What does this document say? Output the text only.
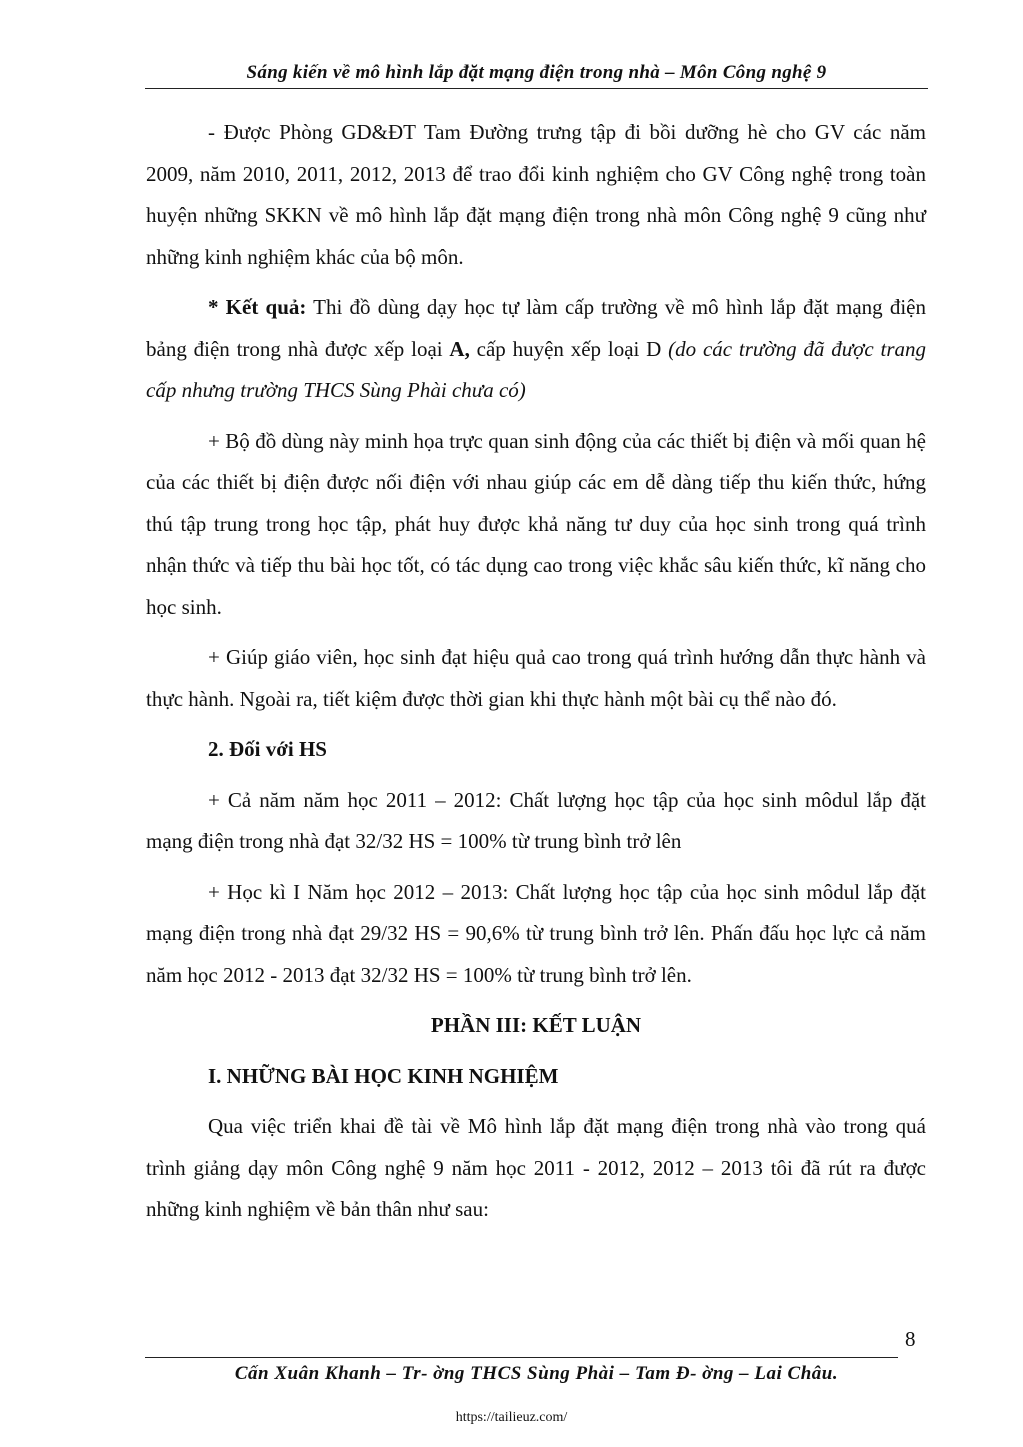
Sáng kiến về mô hình lắp đặt mạng điện trong nhà – Môn Công nghệ 9

- Được Phòng GD&ĐT Tam Đường trưng tập đi bồi dưỡng hè cho GV các năm 2009, năm 2010, 2011, 2012, 2013 để trao đổi kinh nghiệm cho GV Công nghệ trong toàn huyện những SKKN về mô hình lắp đặt mạng điện trong nhà môn Công nghệ 9 cũng như những kinh nghiệm khác của bộ môn.

* Kết quả: Thi đồ dùng dạy học tự làm cấp trường về mô hình lắp đặt mạng điện bảng điện trong nhà được xếp loại A, cấp huyện xếp loại D (do các trường đã được trang cấp nhưng trường THCS Sùng Phài chưa có)

+ Bộ đồ dùng này minh họa trực quan sinh động của các thiết bị điện và mối quan hệ của các thiết bị điện được nối điện với nhau giúp các em dễ dàng tiếp thu kiến thức, hứng thú tập trung trong học tập, phát huy được khả năng tư duy của học sinh trong quá trình nhận thức và tiếp thu bài học tốt, có tác dụng cao trong việc khắc sâu kiến thức, kĩ năng cho học sinh.

+ Giúp giáo viên, học sinh đạt hiệu quả cao trong quá trình hướng dẫn thực hành và thực hành. Ngoài ra, tiết kiệm được thời gian khi thực hành một bài cụ thể nào đó.

2. Đối với HS

+ Cả năm năm học 2011 – 2012: Chất lượng học tập của học sinh môdul lắp đặt mạng điện trong nhà đạt 32/32 HS = 100% từ trung bình trở lên

+ Học kì I Năm học 2012 – 2013: Chất lượng học tập của học sinh môdul lắp đặt mạng điện trong nhà đạt 29/32 HS = 90,6% từ trung bình trở lên. Phấn đấu học lực cả năm năm học 2012 - 2013 đạt 32/32 HS = 100% từ trung bình trở lên.

PHẦN III: KẾT LUẬN

I. NHỮNG BÀI HỌC KINH NGHIỆM

Qua việc triển khai đề tài về Mô hình lắp đặt mạng điện trong nhà vào trong quá trình giảng dạy môn Công nghệ 9 năm học 2011 - 2012, 2012 – 2013 tôi đã rút ra được những kinh nghiệm về bản thân như sau:

8
Cấn Xuân Khanh – Tr- ờng THCS Sùng Phài – Tam Đ- ờng – Lai Châu.
https://tailieuz.com/
